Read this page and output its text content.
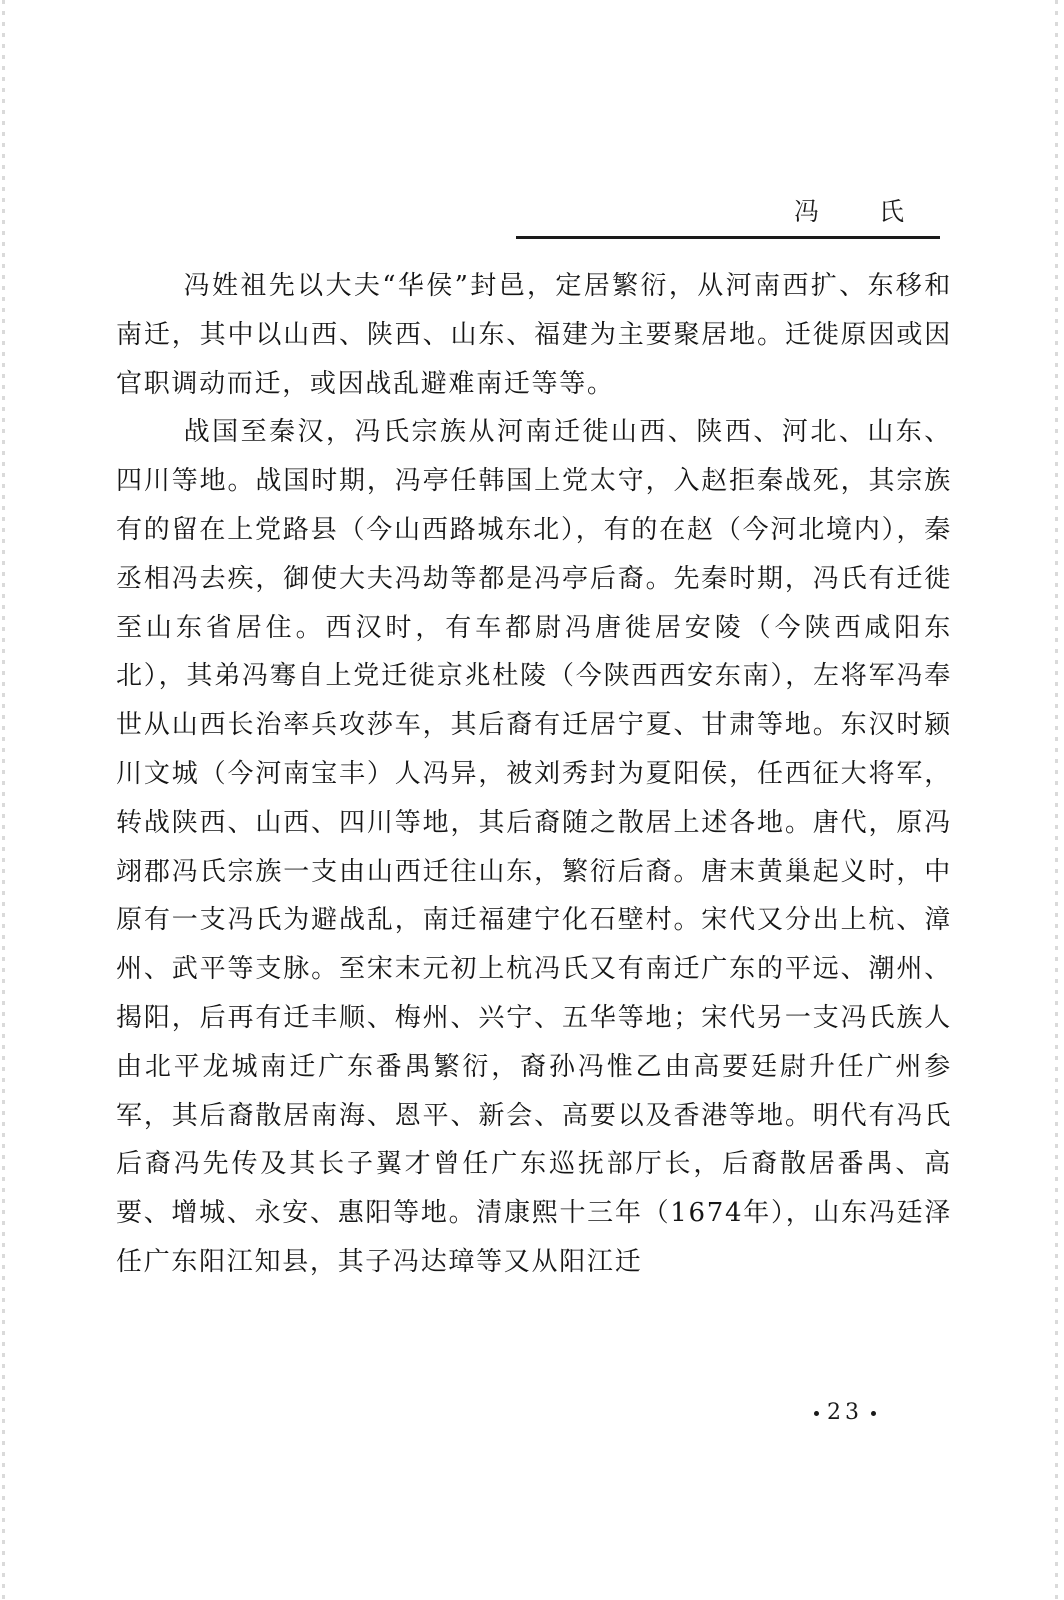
冯 氏

冯姓祖先以大夫“华侯”封邑，定居繁衍，从河南西扩、东移和南迁，其中以山西、陕西、山东、福建为主要聚居地。迁徙原因或因官职调动而迁，或因战乱避难南迁等等。

战国至秦汉，冯氏宗族从河南迁徙山西、陕西、河北、山东、四川等地。战国时期，冯亭任韩国上党太守，入赵拒秦战死，其宗族有的留在上党路县（今山西路城东北），有的在赵（今河北境内），秦丞相冯去疾，御使大夫冯劫等都是冯亭后裔。先秦时期，冯氏有迁徙至山东省居住。西汉时，有车都尉冯唐徙居安陵（今陕西咸阳东北），其弟冯骞自上党迁徙京兆杜陵（今陕西西安东南），左将军冯奉世从山西长治率兵攻莎车，其后裔有迁居宁夏、甘肃等地。东汉时颍川文城（今河南宝丰）人冯异，被刘秀封为夏阳侯，任西征大将军，转战陕西、山西、四川等地，其后裔随之散居上述各地。唐代，原冯翊郡冯氏宗族一支由山西迁往山东，繁衍后裔。唐末黄巢起义时，中原有一支冯氏为避战乱，南迁福建宁化石壁村。宋代又分出上杭、漳州、武平等支脉。至宋末元初上杭冯氏又有南迁广东的平远、潮州、揭阳，后再有迁丰顺、梅州、兴宁、五华等地；宋代另一支冯氏族人由北平龙城南迁广东番禺繁衍，裔孙冯惟乙由高要廷尉升任广州参军，其后裔散居南海、恩平、新会、高要以及香港等地。明代有冯氏后裔冯先传及其长子翼才曾任广东巡抚部厅长，后裔散居番禺、高要、增城、永安、惠阳等地。清康熙十三年（1674年），山东冯廷泽任广东阳江知县，其子冯达璋等又从阳江迁

23
